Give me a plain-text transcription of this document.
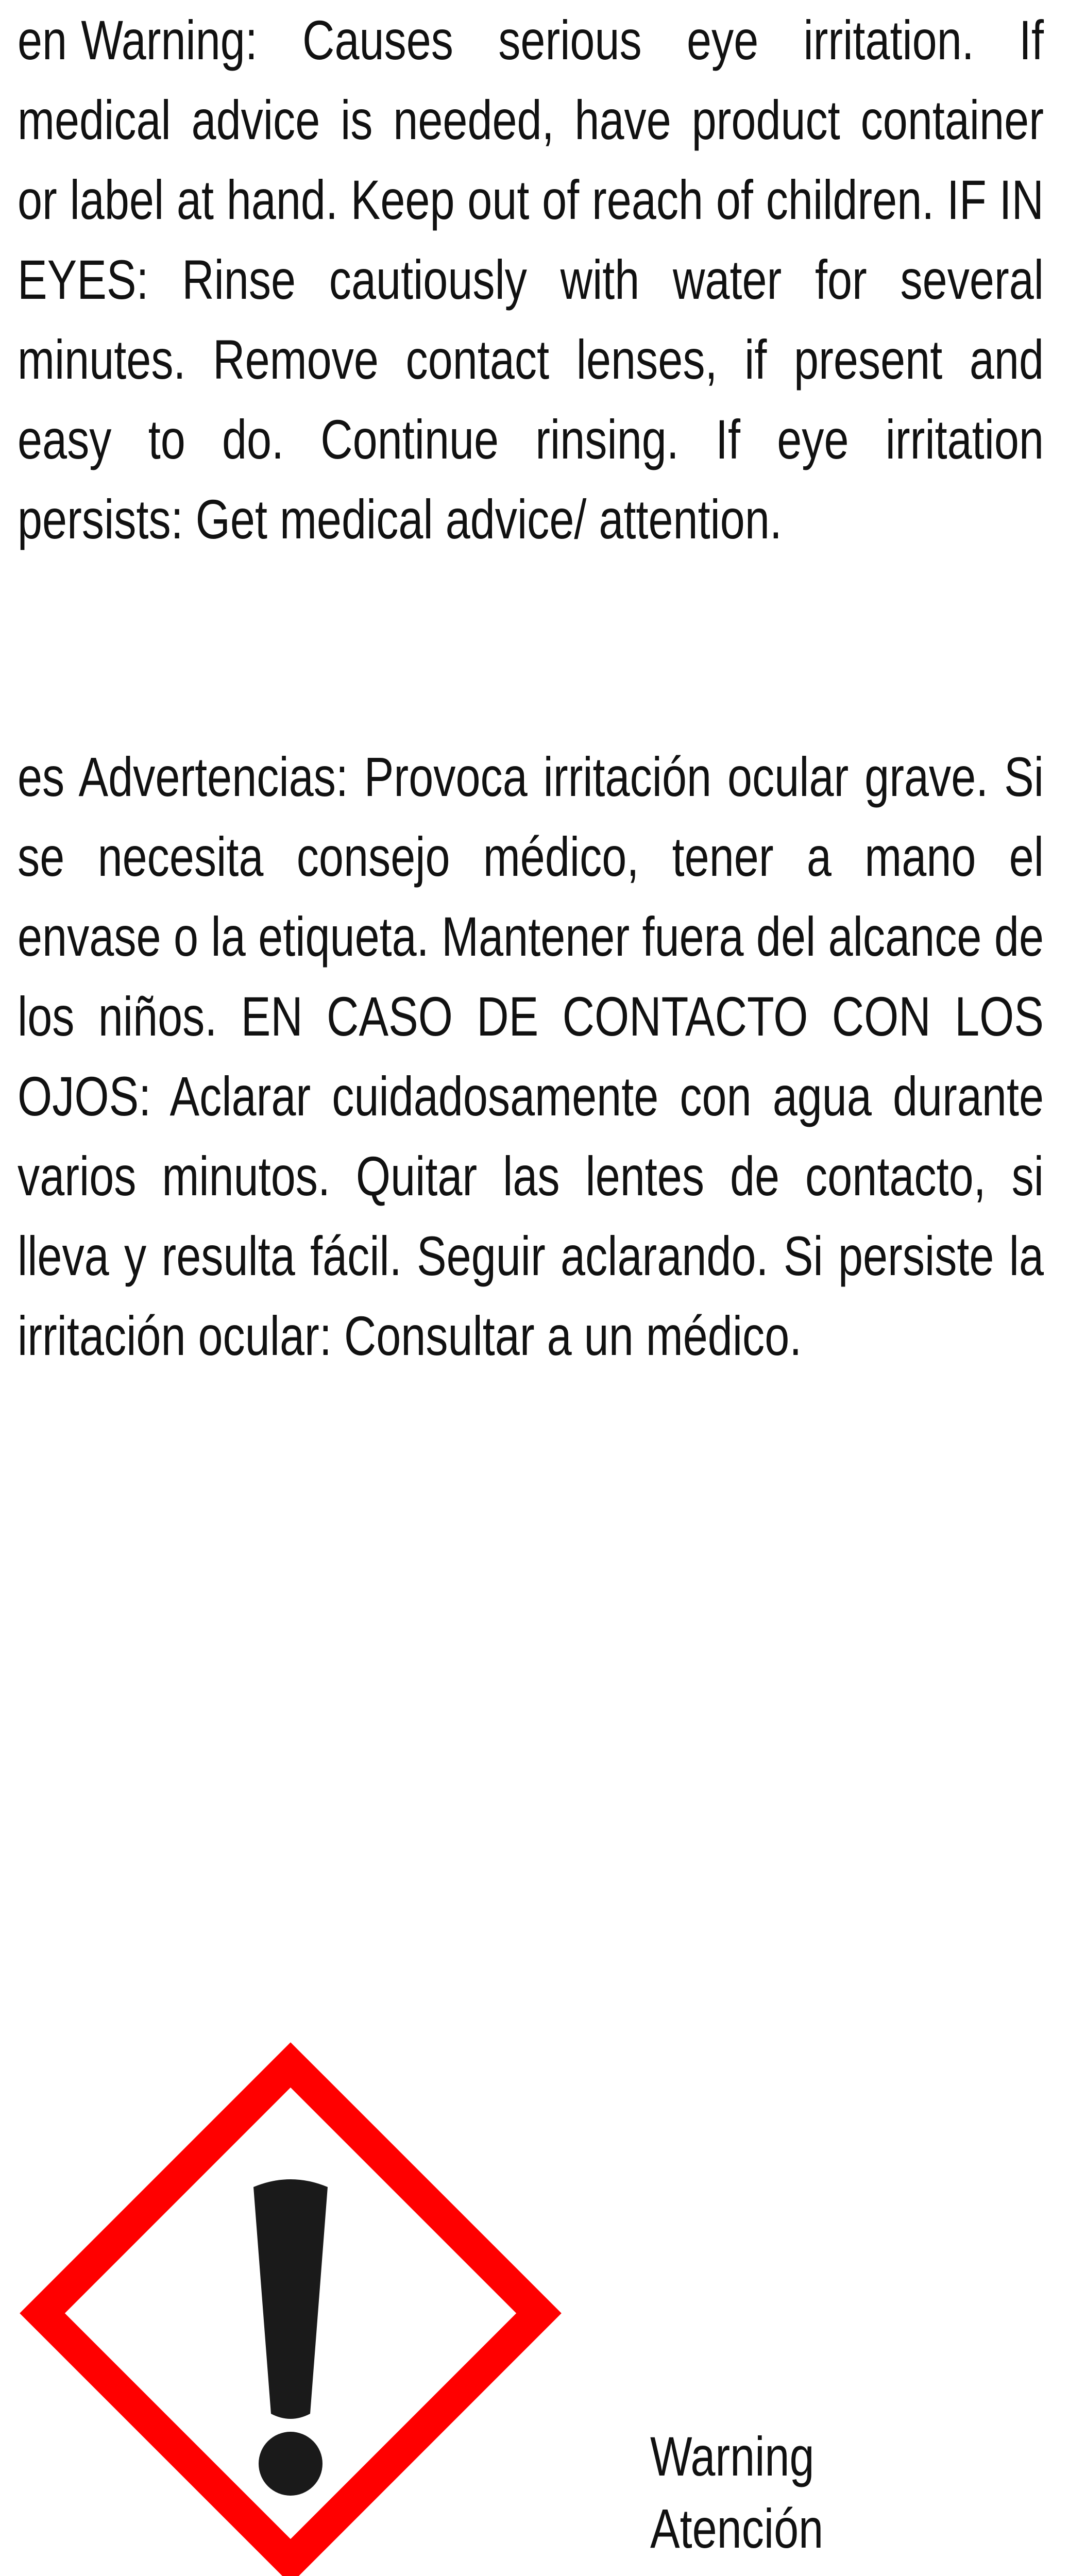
en Warning: Causes serious eye irritation. If medical advice is needed, have product container or label at hand. Keep out of reach of children. IF IN EYES: Rinse cautiously with water for several minutes. Remove contact lenses, if present and easy to do. Continue rinsing. If eye irritation persists: Get medical advice/ attention.
es Advertencias: Provoca irritación ocular grave. Si se necesita consejo médico, tener a mano el envase o la etiqueta. Mantener fuera del alcance de los niños. EN CASO DE CONTACTO CON LOS OJOS: Aclarar cuidadosamente con agua durante varios minutos. Quitar las lentes de contacto, si lleva y resulta fácil. Seguir aclarando. Si persiste la irritación ocular: Consultar a un médico.
Warning
Atención
